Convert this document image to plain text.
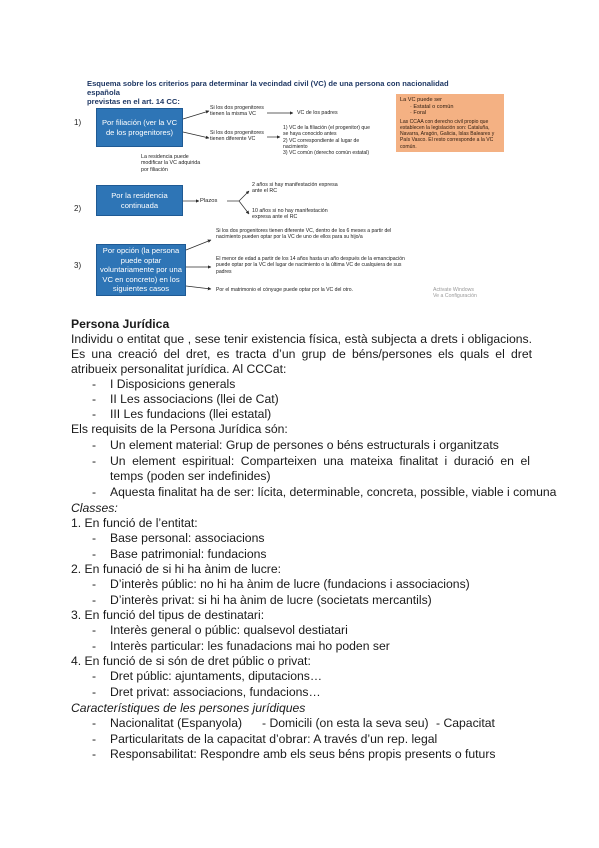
Esquema sobre los criterios para determinar la vecindad civil (VC) de una persona con nacionalidad española
previstas en el art. 14 CC:
1)
2)
3)
Por filiación (ver la VC de los progenitores)
Por la residencia continuada
Por opción (la persona puede optar voluntariamente por una VC en concreto) en los siguientes casos
La VC puede ser
· Estatal o común
· Foral
Las CCAA con derecho civil propio que establecen la legislación son: Cataluña, Navarra, Aragón, Galicia, Islas Baleares y País Vasco. El resto corresponde a la VC común.
Si los dos progenitores tienen la misma VC	VC de los padres
Si los dos progenitores tienen diferente VC
1) VC de la filiación (el progenitor) que se haya conocido antes
2) VC correspondiente al lugar de nacimiento
3) VC común (derecho común estatal)
La residencia puede modificar la VC adquirida por filiación
Plazos
2 años si hay manifestación expresa ante el RC
10 años si no hay manifestación expresa ante el RC
Si los dos progenitores tienen diferente VC, dentro de los 6 meses a partir del nacimiento pueden optar por la VC de uno de ellos para su hijo/a
El menor de edad a partir de los 14 años hasta un año después de la emancipación puede optar por la VC del lugar de nacimiento o la última VC de cualquiera de sus padres
Por el matrimonio el cónyuge puede optar por la VC del otro.	Activate Windows
Ve a Configuración
Persona Jurídica
Individu o entitat que , sese tenir existencia física, està subjecta a drets i obligacions. Es una creació del dret, es tracta d’un grup de béns/persones els quals el dret atribueix personalitat jurídica. Al CCCat:
- I Disposicions generals
- II Les associacions (llei de Cat)
- III Les fundacions (llei estatal)
Els requisits de la Persona Jurídica són:
- Un element material: Grup de persones o béns estructurals i organitzats
- Un element espiritual: Comparteixen una mateixa finalitat i duració en el temps (poden ser indefinides)
- Aquesta finalitat ha de ser: lícita, determinable, concreta, possible, viable i comuna
Classes:
1. En funció de l’entitat:
- Base personal: associacions
- Base patrimonial: fundacions
2. En funació de si hi ha ànim de lucre:
- D’interès públic: no hi ha ànim de lucre (fundacions i associacions)
- D’interès privat: si hi ha ànim de lucre (societats mercantils)
3. En funció del tipus de destinatari:
- Interès general o públic: qualsevol destiatari
- Interès particular: les funadacions mai ho poden ser
4. En funció de si són de dret públic o privat:
- Dret públic: ajuntaments, diputacions…
- Dret privat: associacions, fundacions…
Característiques de les persones jurídiques
- Nacionalitat (Espanyola) - Domicili (on esta la seva seu) - Capacitat
- Particularitats de la capacitat d’obrar: A través d’un rep. legal
- Responsabilitat: Respondre amb els seus béns propis presents o futurs
